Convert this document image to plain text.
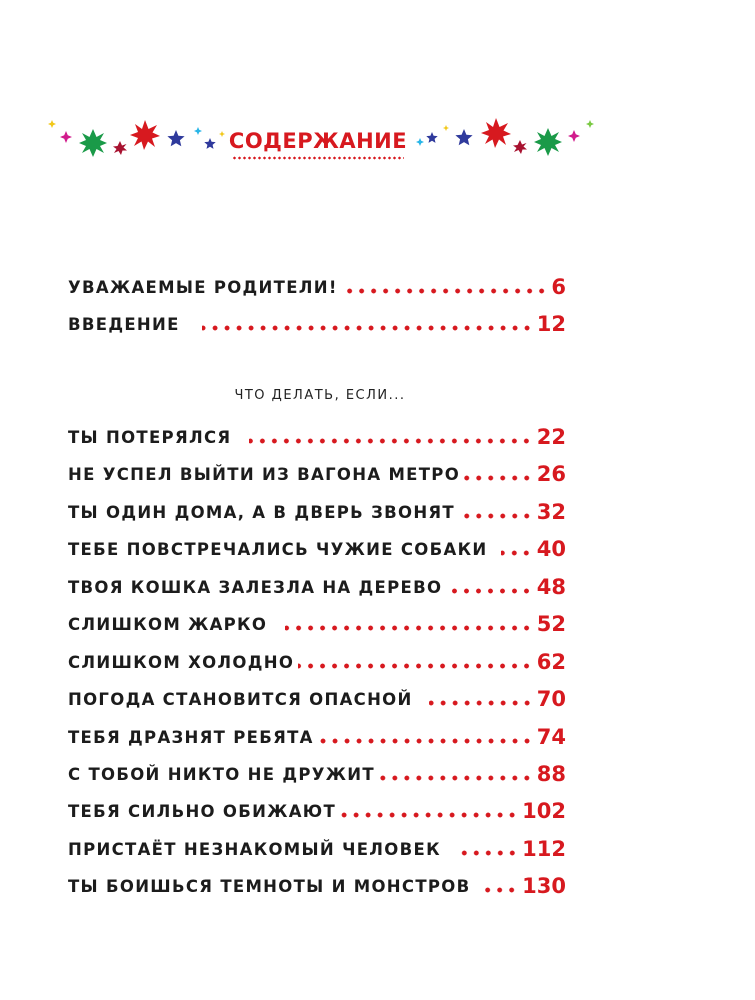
СОДЕРЖАНИЕ
УВАЖАЕМЫЕ РОДИТЕЛИ!	6
ВВЕДЕНИЕ	12
ЧТО ДЕЛАТЬ, ЕСЛИ...
ТЫ ПОТЕРЯЛСЯ	22
НЕ УСПЕЛ ВЫЙТИ ИЗ ВАГОНА МЕТРО	26
ТЫ ОДИН ДОМА, А В ДВЕРЬ ЗВОНЯТ	32
ТЕБЕ ПОВСТРЕЧАЛИСЬ ЧУЖИЕ СОБАКИ 40
ТВОЯ КОШКА ЗАЛЕЗЛА НА ДЕРЕВО	48
СЛИШКОМ ЖАРКО	52
СЛИШКОМ ХОЛОДНО	62
ПОГОДА СТАНОВИТСЯ ОПАСНОЙ	70
ТЕБЯ ДРАЗНЯТ РЕБЯТА	74
С ТОБОЙ НИКТО НЕ ДРУЖИТ	88
ТЕБЯ СИЛЬНО ОБИЖАЮТ	102
ПРИСТАЁТ НЕЗНАКОМЫЙ ЧЕЛОВЕК	112
ТЫ БОИШЬСЯ ТЕМНОТЫ И МОНСТРОВ 130
